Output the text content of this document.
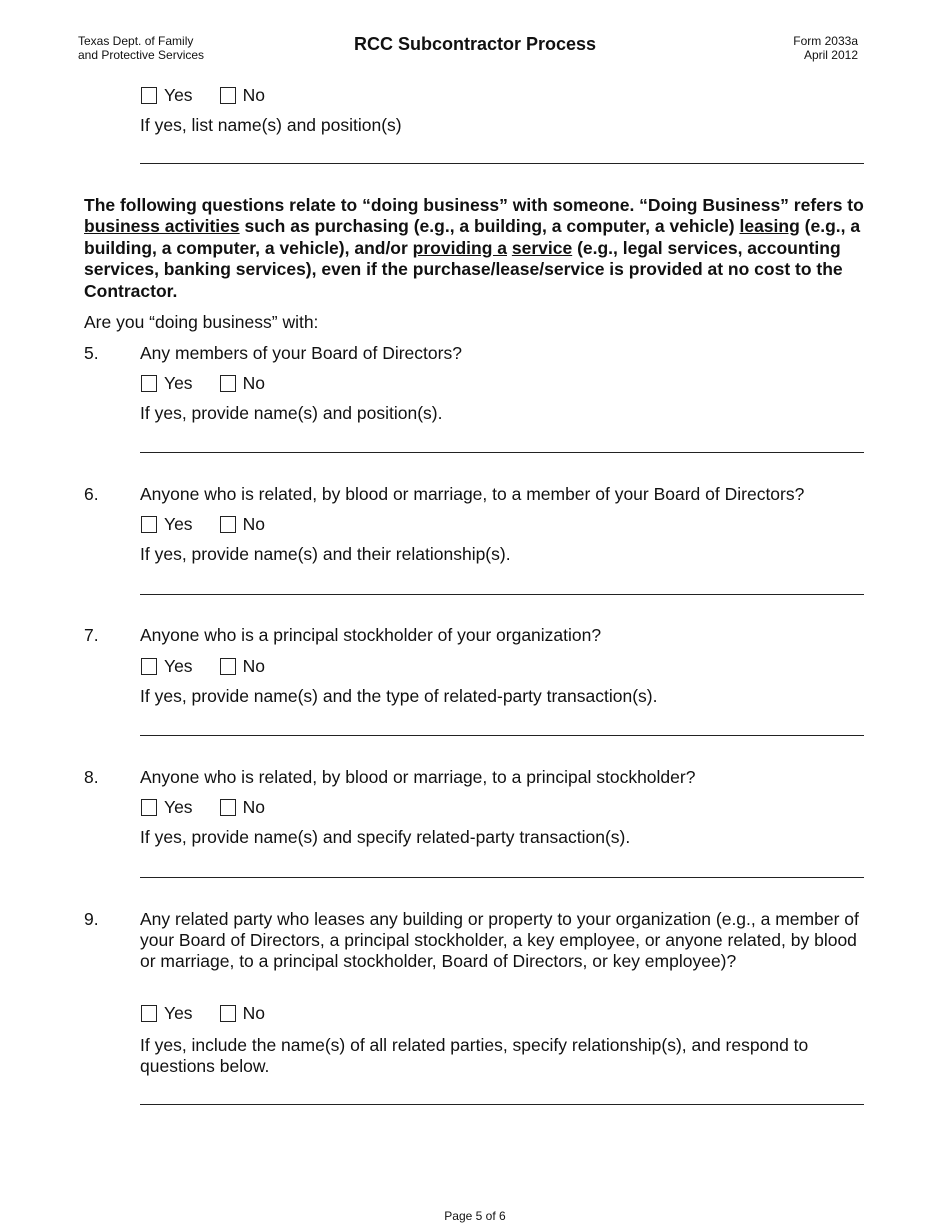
Texas Dept. of Family
and Protective Services
RCC Subcontractor Process	Form 2033a
April 2012
Yes	No
If yes, list name(s) and position(s)
The following questions relate to “doing business” with someone. “Doing Business” refers to business activities such as purchasing (e.g., a building, a computer, a vehicle) leasing (e.g., a building, a computer, a vehicle), and/or providing a service (e.g., legal services, accounting services, banking services), even if the purchase/lease/service is provided at no cost to the Contractor.
Are you “doing business” with:
5. Any members of your Board of Directors?
Yes	No
If yes, provide name(s) and position(s).
6. Anyone who is related, by blood or marriage, to a member of your Board of Directors?
Yes	No
If yes, provide name(s) and their relationship(s).
7. Anyone who is a principal stockholder of your organization?
Yes	No
If yes, provide name(s) and the type of related-party transaction(s).
8. Anyone who is related, by blood or marriage, to a principal stockholder?
Yes	No
If yes, provide name(s) and specify related-party transaction(s).
9. Any related party who leases any building or property to your organization (e.g., a member of your Board of Directors, a principal stockholder, a key employee, or anyone related, by blood or marriage, to a principal stockholder, Board of Directors, or key employee)?
Yes	No
If yes, include the name(s) of all related parties, specify relationship(s), and respond to questions below.
Page 5 of 6
